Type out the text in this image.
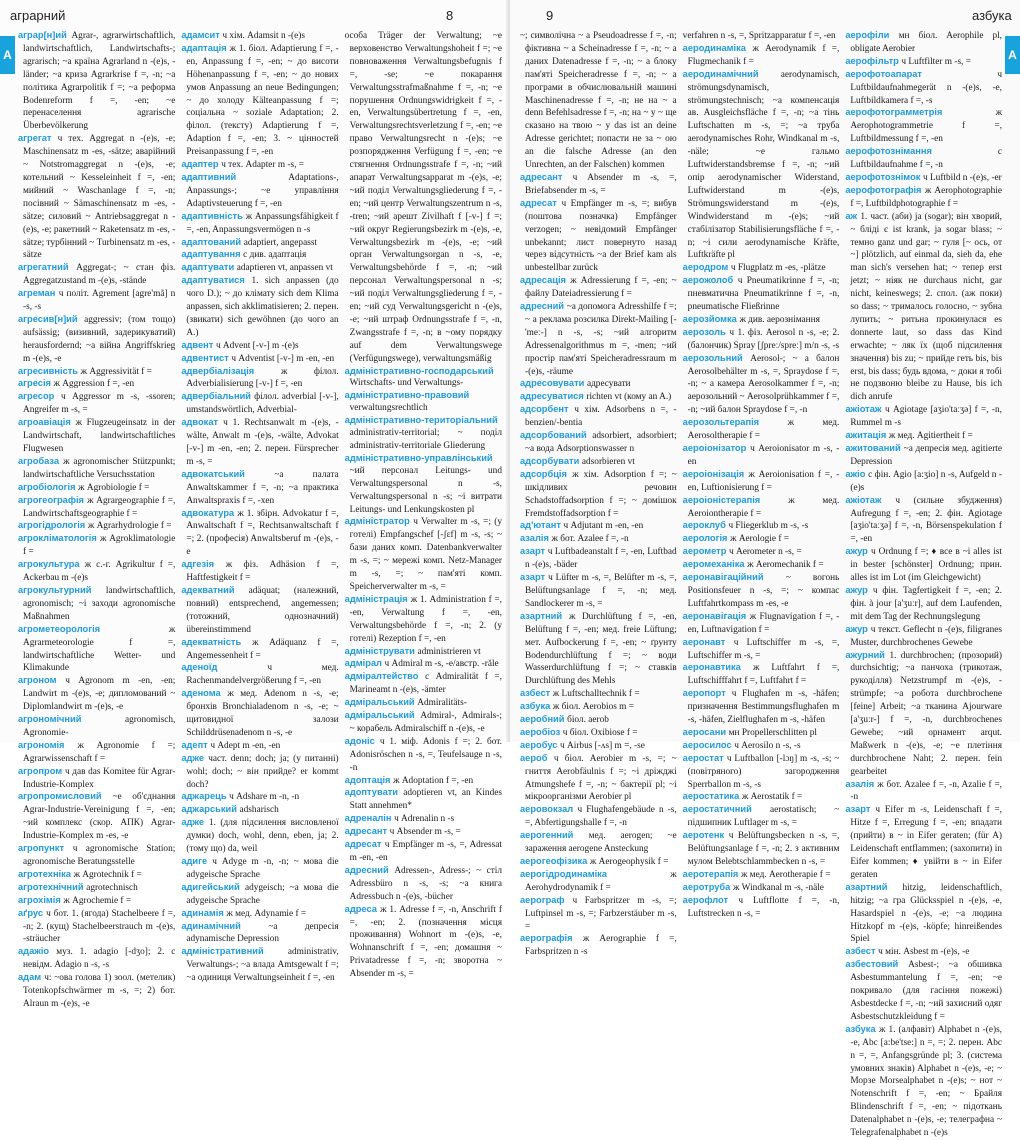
аграрний	8
A

аграр[н]ий Agrar-, agrarwirtschaftlich, landwirtschaftlich, Landwirtschafts-; agrarisch; ~а країна Agrarland n -(e)s, -länder; ~а криза Agrarkrise f =, -n; ~а політика Agrarpolitik f =; ~а реформа Bodenreform f =, -en; ~е перенаселення agrarische Überbevölkerung

агрегат ч тех. Aggregat n -(e)s, -e; Maschinensatz m -es, -sätze; аварійний ~ Notstromaggregat n -(e)s, -e; котельний ~ Kesseleinheit f =, -en; мийний ~ Waschanlage f =, -n; посівний ~ Sämaschinensatz m -es, -sätze; силовий ~ Antriebsaggregat n -(e)s, -e; ракетний ~ Raketensatz m -es, -sätze; турбінний ~ Turbinensatz m -es, -sätze

агрегатний Aggregat-; ~ стан фіз. Aggregatzustand m -(e)s, -stände

агреман ч політ. Agrement [agre'mã] n -s, -s

агресив[н]ий aggressiv; (том тощо) aufsässig; (визивний, задерикуватий) herausfordernd; ~а війна Angriffskrieg m -(e)s, -e

агресивність ж Aggressivität f =

агресія ж Aggression f =, -en

агресор ч Aggressor m -s, -ssoren; Angreifer m -s, =

агроавіація ж Flugzeugeinsatz in der Landwirtschaft, landwirtschaftliches Flugwesen

агробаза ж agronomischer Stützpunkt; landwirtschaftliche Versuchsstation

агробіологія ж Agrobiologie f =

агрогеографія ж Agrargeographie f =, Landwirtschaftsgeographie f =

агрогідрологія ж Agrarhydrologie f =

агрокліматологія ж Agroklimatologie f =

агрокультура ж с.-г. Agrikultur f =, Ackerbau m -(e)s

агрокультурний landwirtschaftlich, agronomisch; ~і заходи agronomische Maßnahmen

агрометеорологія	ж Agrarmeteorologie f =, landwirtschaftliche Wetter- und Klimakunde

агроном ч Agronom m -en, -en; Landwirt m -(e)s, -e; дипломований ~ Diplomlandwirt m -(e)s, -e

агрономічний	agronomisch, Agronomie-

агрономія ж Agronomie f =; Agrarwissenschaft f =

агропром ч дав das Komitee für Agrar-Industrie-Komplex

агропромисловий ~е об'єднання Agrar-Industrie-Vereinigung f =, -en; ~ий комплекс (скор. АПК) Agrar-Industrie-Komplex m -es, -e

агропункт ч agronomische Station; agronomische Beratungsstelle

агротехніка ж Agrotechnik f =

агротехнічний agrotechnisch

агрохімія ж Agrochemie f =

аґрус ч бот. 1. (ягода) Stachelbeere f =, -n; 2. (кущ) Stachelbeerstrauch m -(e)s, -sträucher

адажіо муз. 1. adagio [-dʒo]; 2. с невідм. Adagio n -s, -s

адам ч: ~ова голова 1) зоол. (метелик) Totenkopfschwärmer m -s, =; 2) бот. Alraun m -(e)s, -e

адамсит ч хім. Adamsit n -(e)s

адаптація ж 1. біол. Adaptierung f =, -en, Anpassung f =, -en; ~ до висоти Höhenanpassung f =, -en; ~ до нових умов Anpassung an neue Bedingungen; ~ до холоду Kälteanpassung f =; соціальна ~ soziale Adaptation; 2. філол. (тексту) Adaptierung f =, Adaption f =, -en; 3. ~ цінностей Preisanpassung f =, -en

адаптер ч тех. Adapter m -s, =

адаптивний	Adaptations-, Anpassungs-; ~е управління Adaptivsteuerung f =, -en

адаптивність ж Anpassungsfähigkeit f =, -en, Anpassungsvermögen n -s

адаптований adaptiert, angepasst

адаптування с див. адаптація

адаптувати adaptieren vt, anpassen vt

адаптуватися 1. sich anpassen (до чого D.); ~ до клімату sich dem Klima anpassen, sich akklimatisieren; 2. перен. (звикати) sich gewöhnen (до чого an A.)

адвент ч Advent [-v-] m -(e)s

адвентист ч Adventist [-v-] m -en, -en

адвербіалізація	ж філол. Adverbialisierung [-v-] f =, -en

адвербіальний філол. adverbial [-v-], umstandswörtlich, Adverbial-

адвокат ч 1. Rechtsanwalt m -(e)s, -wälte, Anwalt m -(e)s, -wälte, Advokat [-v-] m -en, -en; 2. перен. Fürsprecher m -s, =

адвокатський	~а палата Anwaltskammer f =, -n; ~а практика Anwaltspraxis f =, -xen

адвокатура ж 1. збірн. Advokatur f =, Anwaltschaft f =, Rechtsanwaltschaft f =; 2. (професія) Anwaltsberuf m -(e)s, -e

адгезія ж фіз. Adhäsion f =, Haftfestigkeit f =

адекватний adäquat; (належний, повний) entsprechend, angemessen; (тотожний, однозначний) übereinstimmend

адекватність ж Adäquanz f =, Angemessenheit f =

аденоїд	ч мед. Rachenmandelvergrößerung f =, -en

аденома ж мед. Adenom n -s, -e; бронхів Bronchialadenom n -s, -e; ~ щитовидної залози Schilddrüsenadenom n -s, -e

адепт ч Adept m -en, -en

адже част. denn; doch; ja; (у питанні) wohl; doch; ~ він прийде? er kommt doch?

аджарець ч Adshare m -n, -n

аджарський adsharisch

адже 1. (для підсилення висловленої думки) doch, wohl, denn, eben, ja; 2. (тому що) da, weil

адиге ч Adyge m -n, -n; ~ мова die adygeische Sprache

адигейський adygeisch; ~а мова die adygeische Sprache

адинамія ж мед. Adynamie f =

адинамічний	~а депресія adynamische Depression

адміністративний	administrativ, Verwaltungs-; ~а влада Amtsgewalt f =; ~а одиниця Verwaltungseinheit f =, -en

особа Träger der Verwaltung; ~е верховенство Verwaltungshoheit f =; ~е повноваження Verwaltungsbefugnis f =, -se; ~е покарання Verwaltungsstrafmaßnahme f =, -n; ~е порушення Ordnungswidrigkeit f =, -en, Verwaltungsübertretung f =, -en, Verwaltungsrechtsverletzung f =, -en; ~е право Verwaltungsrecht n -(e)s; ~е розпорядження Verfügung f =, -en; ~е стягнення Ordnungsstrafe f =, -n; ~ий апарат Verwaltungsapparat m -(e)s, -e; ~ий поділ Verwaltungsgliederung f =, -en; ~ий центр Verwaltungszentrum n -s, -tren; ~ий арешт Zivilhaft f [-v-] f =; ~ий округ Regierungsbezirk m -(e)s, -e, Verwaltungsbezirk m -(e)s, -e; ~ий орган Verwaltungsorgan n -s, -e, Verwaltungsbehörde f =, -n; ~ий персонал Verwaltungspersonal n -s; ~ий поділ Verwaltungsgliederung f =, -en; ~ий суд Verwaltungsgericht n -(e)s, -e; ~ий штраф Ordnungsstrafe f =, -n, Zwangsstrafe f =, -n; в ~ому порядку auf dem Verwaltungswege (Verfügungswege), verwaltungsmäßig

адміністративно-господарський Wirtschafts- und Verwaltungs-

адміністративно-правовий verwaltungsrechtlich

адміністративно-територіальний administrativ-territorial; ~ поділ administrativ-territoriale Gliederung

адміністративно-управлінський ~ий персонал Leitungs- und Verwaltungspersonal n -s, Verwaltungspersonal n -s; ~і витрати Leitungs- und Lenkungskosten pl

адміністратор ч Verwalter m -s, =; (у готелі) Empfangschef [-ʃɛf] m -s, -s; ~ бази даних комп. Datenbankverwalter m -s, =; ~ мережі комп. Netz-Manager m -s, =; ~ пам'яті комп. Speicherverwalter m -s, =

адміністрація ж 1. Administration f =, -en, Verwaltung f =, -en, Verwaltungsbehörde f =, -n; 2. (у готелі) Rezeption f =, -en

адмініструвати administrieren vt

адмірал ч Admiral m -s, -e/австр. -răle

адміралтейство с Admiralität f =, Marineamt n -(e)s, -ämter

адміральський Admiralitäts-

адміральський Admiral-, Admirals-; ~ корабель Admiralschiff n -(e)s, -e

адоніс ч 1. міф. Adonis f =; 2. бот. Adonisröschen n -s, =, Teufelsauge n -s, -n

адоптація ж Adoptation f =, -en

адоптувати adoptieren vt, an Kindes Statt annehmen*

адреналін ч Adrenalin n -s

адресант ч Absender m -s, =

адресат ч Empfänger m -s, =, Adressat m -en, -en

адресний Adressen-, Adress-; ~ стіл Adressbüro n -s, -s; ~а книга Adressbuch n -(e)s, -bücher

адреса ж 1. Adresse f =, -n, Anschrift f =, -en; 2. (позначення місця проживання) Wohnort m -(e)s, -e, Wohnanschrift f =, -en; домашня ~ Privatadresse f =, -n; зворотна ~ Absender m -s, =

9	азбука
A

~; символічна ~ a Pseudoadresse f =, -n; фіктивна ~ a Scheinadresse f =, -n; ~ а даних Datenadresse f =, -n; ~ а блоку пам'яті Speicheradresse f =, -n; ~ а програми в обчислювальній машині Maschinenadresse f =, -n; не на ~ а denn Befehlsadresse f =, -n; на ~ у ~ ще сказано на твою ~ у das ist an deine Adresse gerichtet; попасти не за ~ ою an die falsche Adresse (an den Unrechten, an der Falschen) kommen

адресант ч Absender m -s, =, Briefabsender m -s, =

адресат ч Empfänger m -s, =; вибув (поштова позначка) Empfänger verzogen; ~ невідомий Empfänger unbekannt; лист повернуто назад через відсутність ~а der Brief kam als unbestellbar zurück

адресація ж Adressierung f =, -en; ~ файлу Dateiadressierung f =

адресний ~а допомога Adresshilfe f =; ~ а реклама розсилка Direkt-Mailing [-'meː-] n -s, -s; ~ий алгоритм Adressenalgorithmus m =, -men; ~ий простір пам'яті Speicheradressraum m -(e)s, -räume

адресовувати адресувати

адресуватися richten vt (кому an A.)

адсорбент ч хім. Adsorbens n =, -benzien/-bentia

адсорбований adsorbiert, adsorbiert; ~а вода Adsorptionswasser n

адсорбувати adsorbieren vt

адсорбція ж хім. Adsorption f =; ~ шкідливих речовин Schadstoffadsorption f =; ~ домішок Fremdstoffadsorption f =

ад'ютант ч Adjutant m -en, -en

азалія ж бот. Azalee f =, -n

азарт ч Luftbadeanstalt f =, -en, Luftbad n -(e)s, -bäder

азарт ч Lüfter m -s, =, Belüfter m -s, =, Belüftungsanlage f =, -n; мед. Sandlockerer m -s, =

азартний ж Durchlüftung f =, -en, Belüftung f =, -en; мед. freie Lüftung; мет. Aufbockerung f =, -en; ~ ґрунту Bodendurchlüftung f =; ~ води Wasserdurchlüftung f =; ~ ставків Durchlüftung des Mehls

азбест ж Luftschalltechnik f =

азбука ж біол. Aerobios m =

аеробний біол. aerob

аеробіоз ч біол. Oxibiose f =

аеробус ч Airbus [-ʌs] m =, -se

аероб ч біол. Aerobier m -s, =; ~ гниття Aerobfäulnis f =; ~і дріжджі Atmungshefe f =, -n; ~ бактерії pl; ~і мікроорганізми Aerobier pl

аеровокзал ч Flughafengebäude n -s, =, Abfertigungshalle f =, -n

аерогенний мед. aerogen; ~е зараження aerogene Ansteckung

аерогеофізика ж Aerogeophysik f =

аерогідродинаміка	ж Aerohydrodynamik f =

аерограф ч Farbspritzer m -s, =; Luftpinsel m -s, =; Farbzerstäuber m -s, =

аерографія ж Aerographie f =, Farbspritzen n -s

verfahren n -s, =, Spritzapparatur f =, -en

аеродинаміка ж Aerodynamik f =, Flugmechanik f =

аеродинамічний aerodynamisch, strömungsdynamisch, strömungstechnisch; ~а компенсація ав. Ausgleichsfläche f =, -n; ~а тінь Luftschatten m -s, =; ~а труба aerodynamisches Rohr, Windkanal m -s, -näle; ~е гальмо Luftwiderstandsbremse f =, -n; ~ий опір aerodynamischer Widerstand, Luftwiderstand m -(e)s, Strömungswiderstand m -(e)s, Windwiderstand m -(e)s; ~ий стабілізатор Stabilisierungsfläche f =, -n; ~і сили aerodynamische Kräfte, Luftkräfte pl

аеродром ч Flugplatz m -es, -plätze

аерожолоб ч Pneumatikrinne f =, -n; пневматична Pneumatikrinne f =, -n, pneumatische Fließrinne

аерозйомка ж див. аерознімання

аерозоль ч 1. фіз. Aerosol n -s, -e; 2. (балончик) Spray [ʃpreː/spreː] m/n -s, -s

аерозольний Aerosol-; ~ а балон Aerosolbehälter m -s, =, Spraydose f =, -n; ~ а камера Aerosolkammer f =, -n; аерозольний ~ Aerosolprühkammer f =, -n; ~ий балон Spraydose f =, -n

аерозольтерапія	ж мед. Aerosoltherapie f =

аероіонізатор ч Aeroionisator m -s, -en

аероіонізація ж Aeroionisation f =, -en, Luftionisierung f =

аероіоністерапія	ж мед. Aeroiontherapie f =

аероклуб ч Fliegerklub m -s, -s

аерологія ж Aerologie f =

аерометр ч Aerometer n -s, =

аеромеханіка ж Aeromechanik f =

аеронавігаційний ~ вогонь Positionsfeuer n -s, =; ~ компас Luftfahrtkompass m -es, -e

аеронавігація ж Flugnavigation f =, -en, Luftnavigation f =

аеронавт ч Luftschiffer m -s, =, Luftschiffer m -s, =

аеронавтика ж Luftfahrt f =, Luftschifffahrt f =, Luftfahrt f =

аеропорт ч Flughafen m -s, -häfen; призначення Bestimmungsflughafen m -s, -häfen, Zielflughafen m -s, -häfen

аеросани мн Propellerschlitten pl

аеросилос ч Aerosilo n -s, -s

аеростат ч Luftballon [-lɔŋ] m -s, -s; ~ (повітряного) загородження Sperrballon m -s, -s

аеростатика ж Aerostatik f =

аеростатичний aerostatisch; ~ підшипник Luftlager m -s, =

аеротенк ч Belüftungsbecken n -s, =, Belüftungsanlage f =, -n; 2. з активним мулом Belebtschlammbecken n -s, =

аеротерапія ж мед. Aerotherapie f =

аеротруба ж Windkanal m -s, -näle

аерофлот ч Luftflotte f =, -n, Luftstrecken n -s, =

аерофіли мн біол. Aerophile pl, obligate Aerobier

аерофільтр ч Luftfilter m -s, =

аерофотоапарат	ч Luftbildaufnahmegerät n -(e)s, -e, Luftbildkamera f =, -s

аерофотограмметрія	ж Aerophotogrammetrie f =, Luftbildmessung f =, -en

аерофотознімання	с Luftbildaufnahme f =, -n

аерофотознімок ч Luftbild n -(e)s, -er

аерофотографія ж Aerophotographie f =, Luftbildphotographie f =

аж 1. част. (аби) ja (sogar); він хворий, ~ бліді є ist krank, ja sogar blass; ~ темно ganz und gar; ~ гуля [~ ось, от ~] plötzlich, auf einmal da, sieh da, ehe man sich's versehen hat; ~ тепер erst jetzt; ~ ніяк не durchaus nicht, gar nicht, keineswegs; 2. спол. (аж поки) so dass; ~ трималось голосно, ~ зубна лупить; ~ ритьна прокинулася es donnerte laut, so dass das Kind erwachte; ~ ляк їх (щоб підсилення значення) bis zu; ~ прийде геть bis, bis erst, bis dass; будь вдома, ~ доки я тобі не подзвоню bleibe zu Hause, bis ich dich anrufe

ажіотаж ч Agiotage [aʒio'taːʒə] f =, -n, Rummel m -s

ажитація ж мед. Agitiertheit f =

ажитований ~а депресія мед. agitierte Depression

ажіо с фін. Agio [a:ʒio] n -s, Aufgeld n -(e)s

ажіотаж ч (сильне збудження) Aufregung f =, -en; 2. фін. Agiotage [aʒio'taːʒə] f =, -n, Börsenspekulation f =, -en

ажур ч Ordnung f =; ♦ все в ~і alles ist in bester [schönster] Ordnung; прин. alles ist im Lot (im Gleichgewicht)

ажур ч фін. Tagfertigkeit f =, -en; 2. фін. à jour [a'ʒuːr], auf dem Laufenden, mit dem Tag der Rechnungslegung

ажур ч текст. Geflecht n -(e)s, filigranes Muster, durchbrochenes Gewebe

ажурний 1. durchbrochen; (прозорий) durchsichtig; ~а панчоха (трикотаж, рукоділля) Netzstrumpf m -(e)s, -strümpfe; ~а робота durchbrochene [feine] Arbeit; ~а тканина Ajourware [a'ʒuːr-] f =, -n, durchbrochenes Gewebe; ~ий орнамент arqut. Maßwerk n -(e)s, -e; ~е плетіння durchbrochene Naht; 2. перен. fein gearbeitet

азалія ж бот. Azalee f =, -n, Azalie f =, -n

азарт ч Eifer m -s, Leidenschaft f =, Hitze f =, Erregung f =, -en; впадати (прийти) в ~ in Eifer geraten; (für A) Leidenschaft entflammen; (захопити) in Eifer kommen; ♦ увійти в ~ in Eifer geraten

азартний hitzig, leidenschaftlich, hitzig; ~а гра Glücksspiel n -(e)s, -e, Hasardspiel n -(e)s, -e; ~а людина Hitzkopf m -(e)s, -köpfe; hinreißendes Spiel

азбест ч мін. Asbest m -(e)s, -e

азбестовий Asbest-; ~а обшивка Asbestummantelung f =, -en; ~е покривало (для гасіння пожежі) Asbestdecke f =, -n; ~ий захисний одяг Asbestschutzkleidung f =

азбука ж 1. (алфавіт) Alphabet n -(e)s, -e, Abc [a:be'tse:] n =, =; 2. перен. Abc n =, =, Anfangsgründe pl; 3. (система умовних знаків) Alphabet n -(e)s, -e; ~ Морзе Morsealphabet n -(e)s; ~ нот ~ Notenschrift f =, -en; ~ Брайля Blindenschrift f =, -en; ~ підоткань Datenalphabet n -(e)s, -e; телеграфна ~ Telegrafenalphabet n -(e)s
